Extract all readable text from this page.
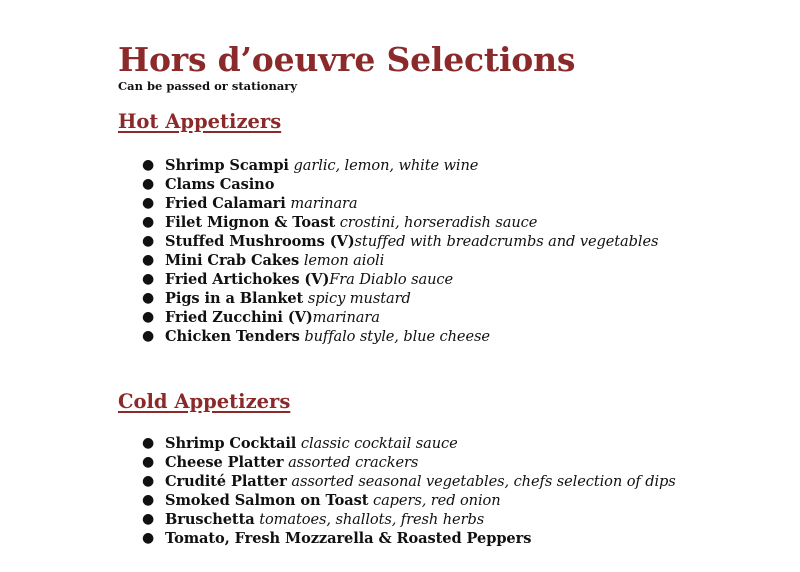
Hors d’oeuvre Selections
Can be passed or stationary
Hot Appetizers
● Shrimp Scampi garlic, lemon, white wine
● Clams Casino
● Fried Calamari marinara
● Filet Mignon & Toast crostini, horseradish sauce
● Stuffed Mushrooms (V)stuffed with breadcrumbs and vegetables
● Mini Crab Cakes lemon aioli
● Fried Artichokes (V)Fra Diablo sauce
● Pigs in a Blanket spicy mustard
● Fried Zucchini (V)marinara
● Chicken Tenders buffalo style, blue cheese
Cold Appetizers
● Shrimp Cocktail classic cocktail sauce
● Cheese Platter assorted crackers
● Crudité Platter assorted seasonal vegetables, chefs selection of dips
● Smoked Salmon on Toast capers, red onion
● Bruschetta tomatoes, shallots, fresh herbs
● Tomato, Fresh Mozzarella & Roasted Peppers
